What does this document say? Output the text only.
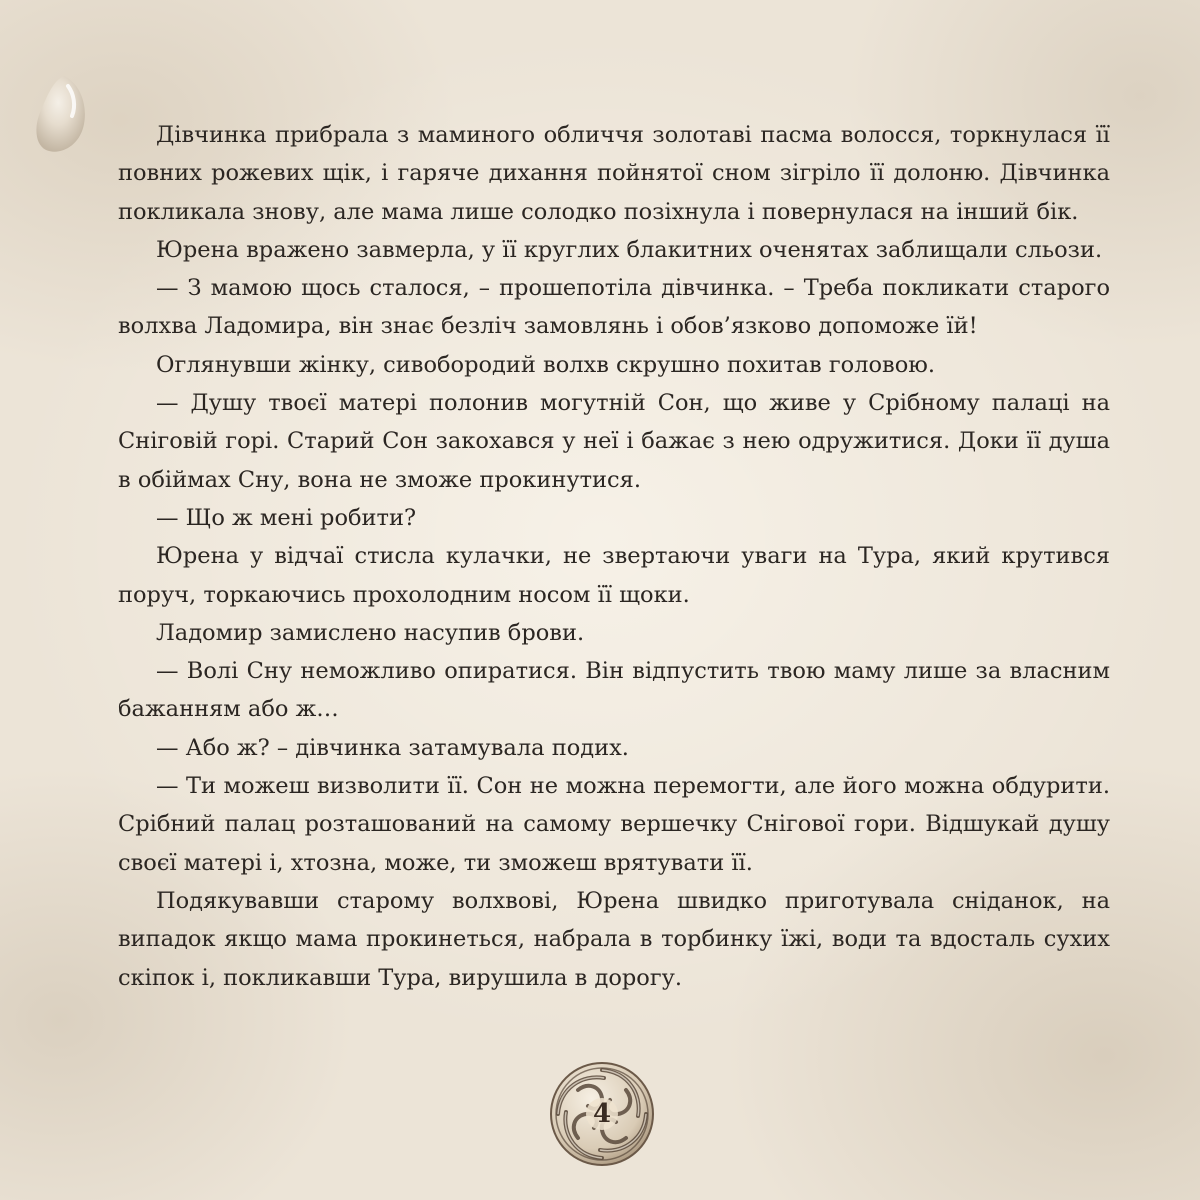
Дівчинка прибрала з маминого обличчя золотаві пасма волосся, торкнулася її повних рожевих щік, і гаряче дихання пойнятої сном зігріло її долоню. Дівчинка покликала знову, але мама лише солодко позіхнула і повернулася на інший бік.

Юрена вражено завмерла, у її круглих блакитних оченятах заблищали сльози.

— З мамою щось сталося, – прошепотіла дівчинка. – Треба покликати старого волхва Ладомира, він знає безліч замовлянь і обов’язково допоможе їй!

Оглянувши жінку, сивобородий волхв скрушно похитав головою.

— Душу твоєї матері полонив могутній Сон, що живе у Срібному палаці на Сніговій горі. Старий Сон закохався у неї і бажає з нею одружитися. Доки її душа в обіймах Сну, вона не зможе прокинутися.

— Що ж мені робити?

Юрена у відчаї стисла кулачки, не звертаючи уваги на Тура, який крутився поруч, торкаючись прохолодним носом її щоки.

Ладомир замислено насупив брови.

— Волі Сну неможливо опиратися. Він відпустить твою маму лише за власним бажанням або ж…

— Або ж? – дівчинка затамувала подих.

— Ти можеш визволити її. Сон не можна перемогти, але його можна обдурити. Срібний палац розташований на самому вершечку Снігової гори. Відшукай душу своєї матері і, хтозна, може, ти зможеш врятувати її.

Подякувавши старому волхвові, Юрена швидко приготувала сніданок, на випадок якщо мама прокинеться, набрала в торбинку їжі, води та вдосталь сухих скіпок і, покликавши Тура, вирушила в дорогу.

4
